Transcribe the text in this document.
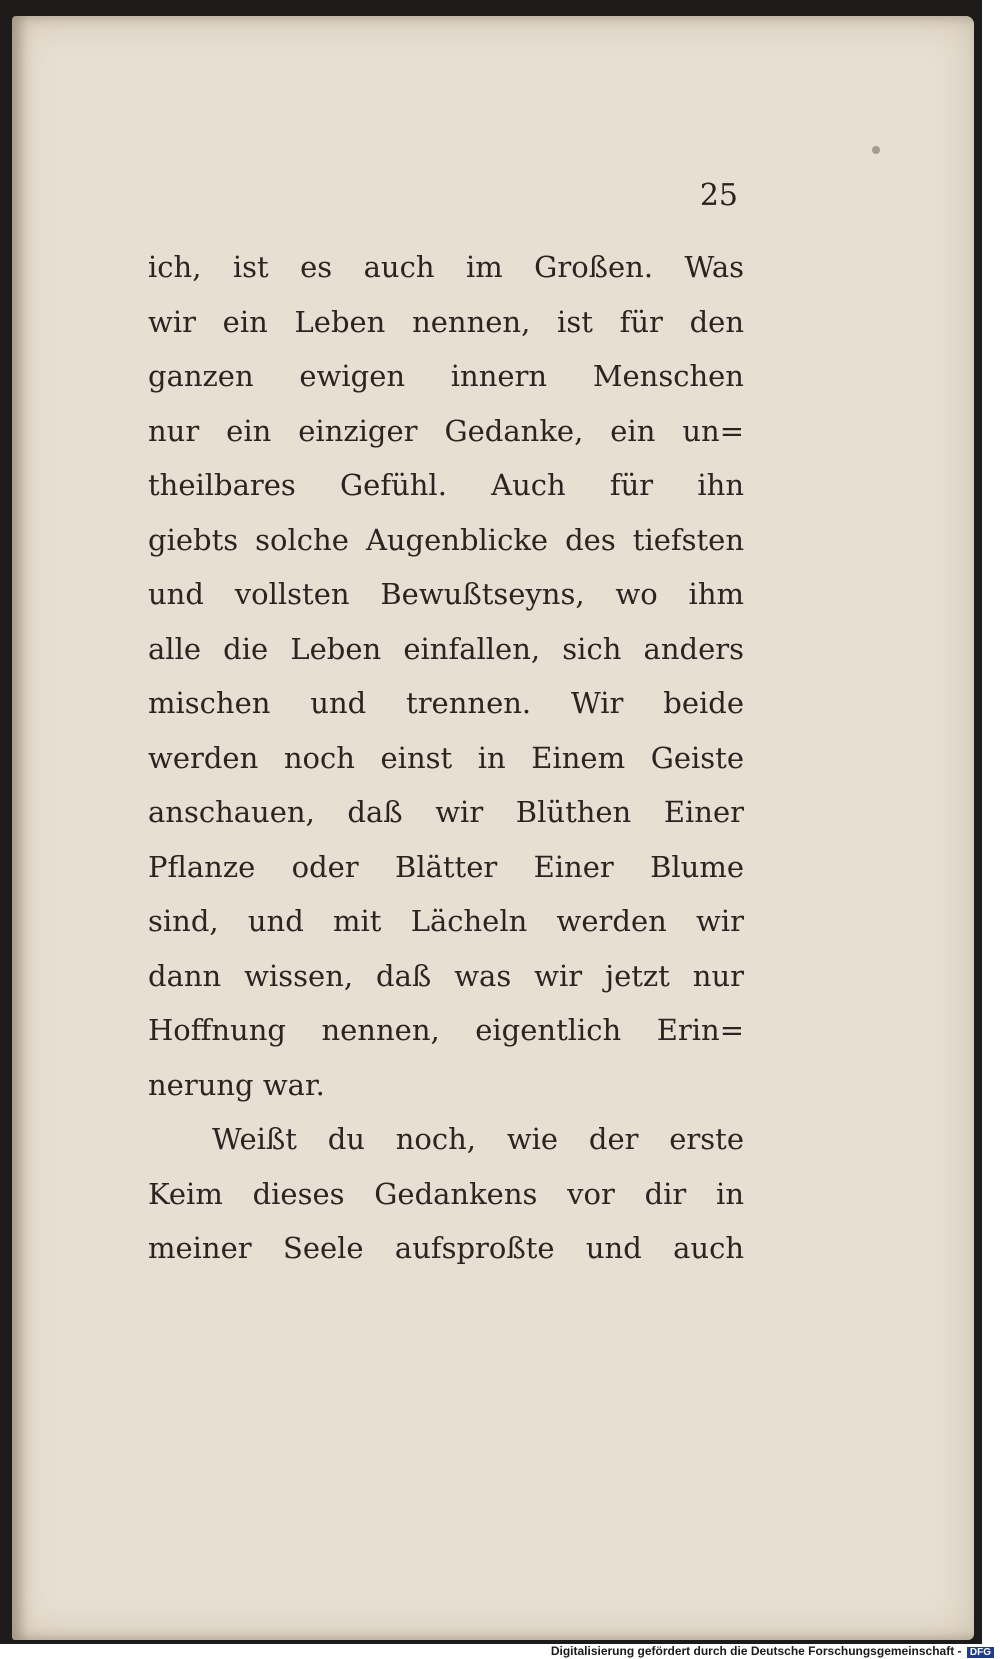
25
ich, ist es auch im Großen. Was
wir ein Leben nennen, ist für den
ganzen ewigen innern Menschen
nur ein einziger Gedanke, ein un=
theilbares Gefühl. Auch für ihn
giebts solche Augenblicke des tiefsten
und vollsten Bewußtseyns, wo ihm
alle die Leben einfallen, sich anders
mischen und trennen. Wir beide
werden noch einst in Einem Geiste
anschauen, daß wir Blüthen Einer
Pflanze oder Blätter Einer Blume
sind, und mit Lächeln werden wir
dann wissen, daß was wir jetzt nur
Hoffnung nennen, eigentlich Erin=
nerung war.
Weißt du noch, wie der erste
Keim dieses Gedankens vor dir in
meiner Seele aufsproßte und auch
Digitalisierung gefördert durch die Deutsche Forschungsgemeinschaft - DFG
